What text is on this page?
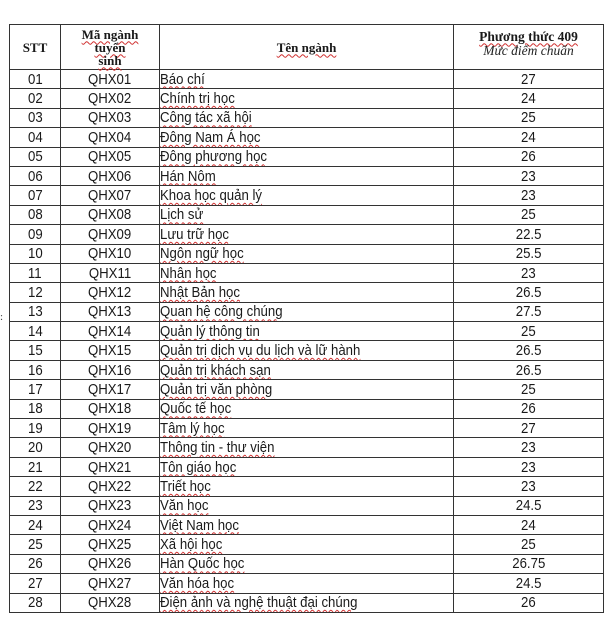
:
STT	Mã ngành
tuyển
sinh	Tên ngành	Phương thức 409
Mức điểm chuẩn

01	QHX01	Báo chí	27
02	QHX02	Chính trị học	24
03	QHX03	Công tác xã hội	25
04	QHX04	Đông Nam Á học	24
05	QHX05	Đông phương học	26
06	QHX06	Hán Nôm	23
07	QHX07	Khoa học quản lý	23
08	QHX08	Lịch sử	25
09	QHX09	Lưu trữ học	22.5
10	QHX10	Ngôn ngữ học	25.5
11	QHX11	Nhân học	23
12	QHX12	Nhật Bản học	26.5
13	QHX13	Quan hệ công chúng	27.5
14	QHX14	Quản lý thông tin	25
15	QHX15	Quản trị dịch vụ du lịch và lữ hành	26.5
16	QHX16	Quản trị khách sạn	26.5
17	QHX17	Quản trị văn phòng	25
18	QHX18	Quốc tế học	26
19	QHX19	Tâm lý học	27
20	QHX20	Thông tin - thư viện	23
21	QHX21	Tôn giáo học	23
22	QHX22	Triết học	23
23	QHX23	Văn học	24.5
24	QHX24	Việt Nam học	24
25	QHX25	Xã hội học	25
26	QHX26	Hàn Quốc học	26.75
27	QHX27	Văn hóa học	24.5
28	QHX28	Điện ảnh và nghệ thuật đại chúng	26
